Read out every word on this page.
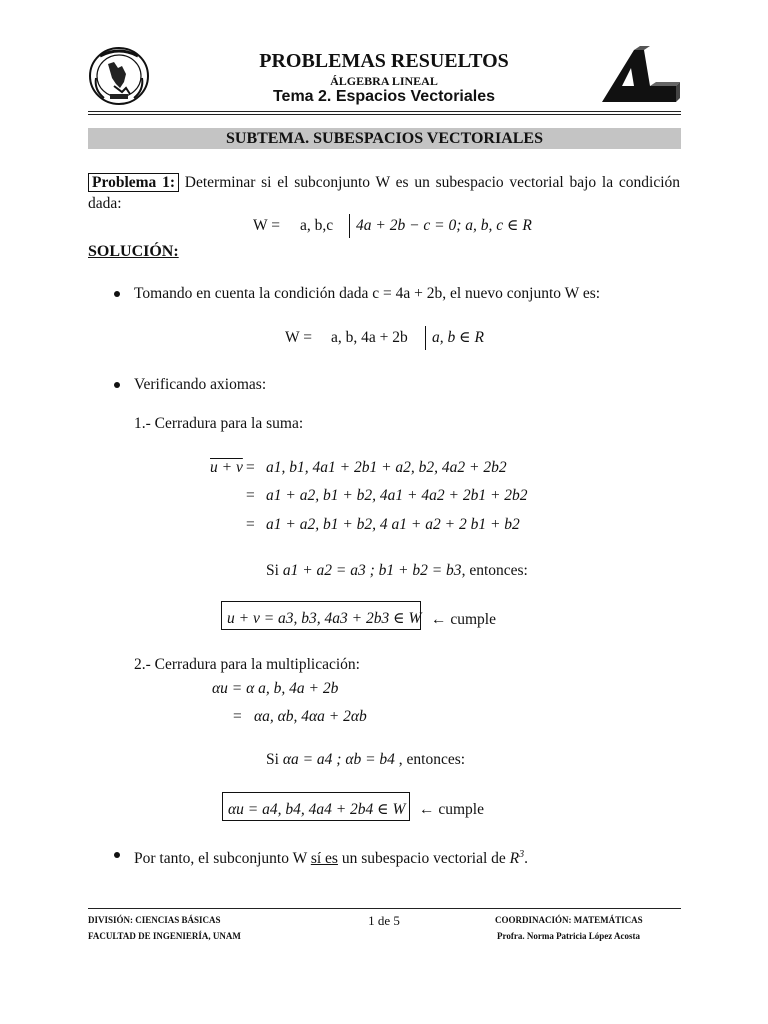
PROBLEMAS RESUELTOS
ÁLGEBRA LINEAL
Tema 2. Espacios Vectoriales
SUBTEMA. SUBESPACIOS VECTORIALES
Problema 1: Determinar si el subconjunto W es un subespacio vectorial bajo la condición dada:
W = a, b,c 4a + 2b − c = 0; a, b, c ∈ R
SOLUCIÓN:
Tomando en cuenta la condición dada c = 4a + 2b, el nuevo conjunto W es:
W = a, b, 4a + 2b a, b ∈ R
Verificando axiomas:
1.- Cerradura para la suma:
u + v = a1, b1, 4a1 + 2b1 + a2, b2, 4a2 + 2b2
= a1 + a2, b1 + b2, 4a1 + 4a2 + 2b1 + 2b2
= a1 + a2, b1 + b2, 4 a1 + a2 + 2 b1 + b2
Si a1 + a2 = a3 ; b1 + b2 = b3, entonces:
u + v = a3, b3, 4a3 + 2b3 ∈ W ← cumple
2.- Cerradura para la multiplicación:
αu = α a, b, 4a + 2b
= αa, αb, 4αa + 2αb
Si αa = a4 ; αb = b4 , entonces:
αu = a4, b4, 4a4 + 2b4 ∈ W ← cumple
Por tanto, el subconjunto W sí es un subespacio vectorial de $R^3$.
DIVISIÓN: CIENCIAS BÁSICAS
FACULTAD DE INGENIERÍA, UNAM
1 de 5	COORDINACIÓN: MATEMÁTICAS
Profra. Norma Patricia López Acosta
